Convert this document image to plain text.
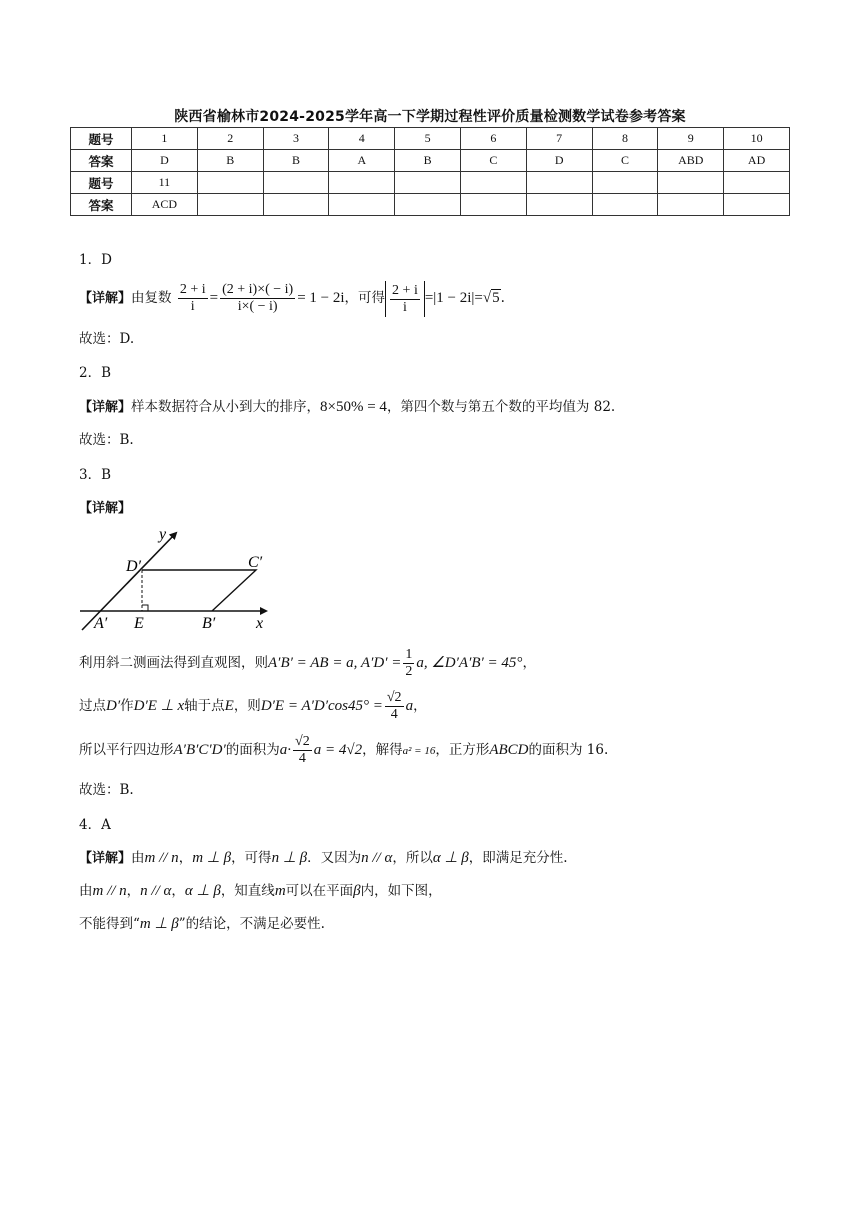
陕西省榆林市2024-2025学年高一下学期过程性评价质量检测数学试卷参考答案
题号	1	2	3	4	5	6	7	8	9	10
答案	D	B	B	A	B	C	D	C	ABD	AD
题号	11									
答案	ACD									
1．D
【详解】由复数 $\frac{2 + i}{i} = \frac{(2 + i)\times( - i)}{i\times( - i)} = 1 - 2i$，可得 $\frac{2 + i}{i} =|1 - 2i|=√5$.
故选：D.
2．B
【详解】样本数据符合从小到大的排序，8×50% = 4，第四个数与第五个数的平均值为 82.
故选：B.
3．B
【详解】
y
D′	C′
A′ E	B′	x
利用斜二测画法得到直观图，则A′B′ = AB = a, $A'D' = \frac{1}{2} a$, ∠D′A′B′ = 45°，
过点D′作D′E ⊥ x轴于点E，则$D'E = A'D'\cos 45^\circ = \frac{√2}{4}$ a，
所以平行四边形A′B′C′D′的面积为$a\cdot \frac{√2}{4}$ a = 4√2，解得a² = 16，正方形ABCD的面积为 16.
故选：B.
4．A
【详解】由m // n，m ⊥ β，可得n ⊥ β．又因为n // α，所以α ⊥ β，即满足充分性.
由m // n，n // α，α ⊥ β，知直线m可以在平面β内，如下图，
不能得到“m ⊥ β”的结论，不满足必要性.
